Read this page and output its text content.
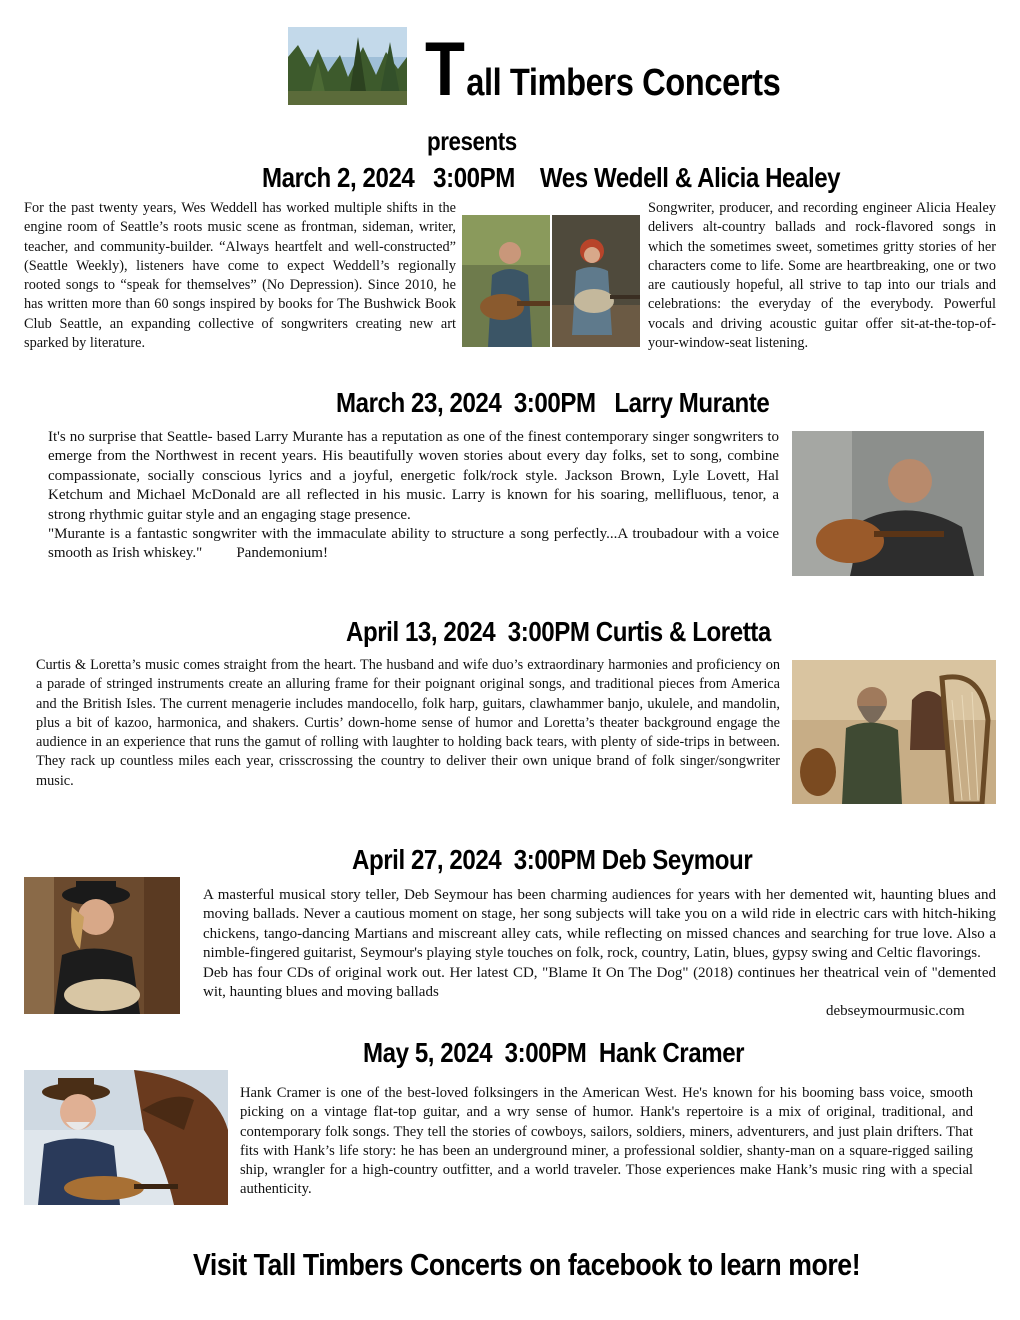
Tall Timbers Concerts
presents
March 2, 2024   3:00PM    Wes Wedell & Alicia Healey

For the past twenty years, Wes Weddell has worked multiple shifts in the engine room of Seattle’s roots music scene as frontman, sideman, writer, teacher, and community-builder. “Always heartfelt and well-constructed” (Seattle Weekly), listeners have come to expect Weddell’s regionally rooted songs to “speak for themselves” (No Depression). Since 2010, he has written more than 60 songs inspired by books for The Bushwick Book Club Seattle, an expanding collective of songwriters creating new art sparked by literature.

Songwriter, producer, and recording engineer Alicia Healey delivers alt-country ballads and rock-flavored songs in which the sometimes sweet, sometimes gritty stories of her characters come to life. Some are heartbreaking, one or two are cautiously hopeful, all strive to tap into our trials and celebrations: the everyday of the everybody. Powerful vocals and driving acoustic guitar offer sit-at-the-top-of-your-window-seat listening.

March 23, 2024  3:00PM   Larry Murante

It's no surprise that Seattle- based Larry Murante has a reputation as one of the finest contemporary singer songwriters to emerge from the Northwest in recent years. His beautifully woven stories about every day folks, set to song, combine compassionate, socially conscious lyrics and a joyful, energetic folk/rock style. Jackson Brown, Lyle Lovett, Hal Ketchum and Michael McDonald are all reflected in his music. Larry is known for his soaring, mellifluous, tenor, a strong rhythmic guitar style and an engaging stage presence.

"Murante is a fantastic songwriter with the immaculate ability to structure a song perfectly...A troubadour with a voice smooth as Irish whiskey." Pandemonium!

April 13, 2024  3:00PM Curtis & Loretta

Curtis & Loretta’s music comes straight from the heart. The husband and wife duo’s extraordinary harmonies and proficiency on a parade of stringed instruments create an alluring frame for their poignant original songs, and traditional pieces from America and the British Isles. The current menagerie includes mandocello, folk harp, guitars, clawhammer banjo, ukulele, and mandolin, plus a bit of kazoo, harmonica, and shakers. Curtis’ down-home sense of humor and Loretta’s theater background engage the audience in an experience that runs the gamut of rolling with laughter to holding back tears, with plenty of side-trips in between. They rack up countless miles each year, crisscrossing the country to deliver their own unique brand of folk singer/songwriter music.

April 27, 2024  3:00PM Deb Seymour

A masterful musical story teller, Deb Seymour has been charming audiences for years with her demented wit, haunting blues and moving ballads. Never a cautious moment on stage, her song subjects will take you on a wild ride in electric cars with hitch-hiking chickens, tango-dancing Martians and miscreant alley cats, while reflecting on missed chances and searching for true love. Also a nimble-fingered guitarist, Seymour's playing style touches on folk, rock, country, Latin, blues, gypsy swing and Celtic flavorings.

Deb has four CDs of original work out. Her latest CD, "Blame It On The Dog" (2018) continues her theatrical vein of "demented wit, haunting blues and moving ballads

debseymourmusic.com
May 5, 2024  3:00PM  Hank Cramer

Hank Cramer is one of the best-loved folksingers in the American West. He's known for his booming bass voice, smooth picking on a vintage flat-top guitar, and a wry sense of humor. Hank's repertoire is a mix of original, traditional, and contemporary folk songs. They tell the stories of cowboys, sailors, soldiers, miners, adventurers, and just plain drifters. That fits with Hank’s life story: he has been an underground miner, a professional soldier, shanty-man on a square-rigged sailing ship, wrangler for a high-country outfitter, and a world traveler. Those experiences make Hank’s music ring with a special authenticity.

Visit Tall Timbers Concerts on facebook to learn more!
